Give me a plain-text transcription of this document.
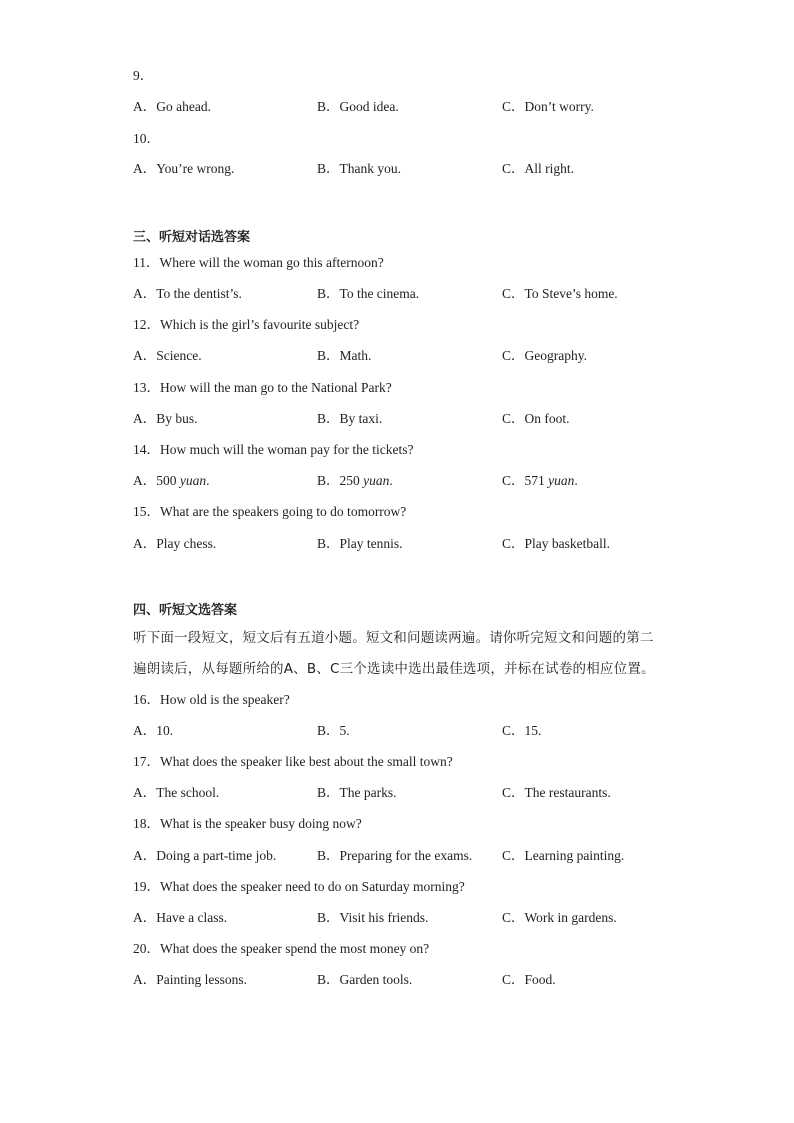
9．
A．Go ahead.	B．Good idea.	C．Don’t worry.
10．
A．You’re wrong.	B．Thank you.	C．All right.
三、听短对话选答案
11．Where will the woman go this afternoon?
A．To the dentist’s.	B．To the cinema.	C．To Steve’s home.
12．Which is the girl’s favourite subject?
A．Science.	B．Math.	C．Geography.
13．How will the man go to the National Park?
A．By bus.	B．By taxi.	C．On foot.
14．How much will the woman pay for the tickets?
A．500 yuan.	B．250 yuan.	C．571 yuan.
15．What are the speakers going to do tomorrow?
A．Play chess.	B．Play tennis.	C．Play basketball.
四、听短文选答案
听下面一段短文，短文后有五道小题。短文和问题读两遍。请你听完短文和问题的第二
遍朗读后，从每题所给的A、B、C三个选读中选出最佳选项，并标在试卷的相应位置。
16．How old is the speaker?
A．10.	B．5.	C．15.
17．What does the speaker like best about the small town?
A．The school.	B．The parks.	C．The restaurants.
18．What is the speaker busy doing now?
A．Doing a part-time job.	B．Preparing for the exams. C．Learning painting.
19．What does the speaker need to do on Saturday morning?
A．Have a class.	B．Visit his friends.	C．Work in gardens.
20．What does the speaker spend the most money on?
A．Painting lessons.	B．Garden tools.	C．Food.
